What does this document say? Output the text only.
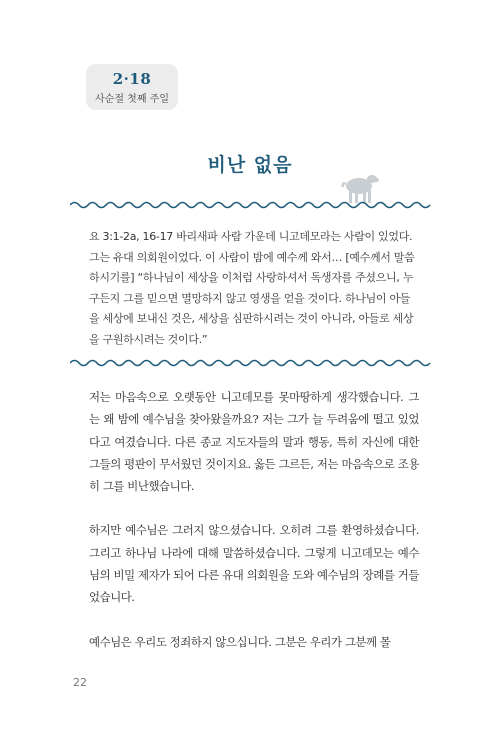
2·18
사순절 첫째 주일
비난 없음
요 3:1-2a, 16-17 바리새파 사람 가운데 니고데모라는 사람이 있었다. 그는 유대 의회원이었다. 이 사람이 밤에 예수께 와서… [예수께서 말씀하시기를] “하나님이 세상을 이처럼 사랑하셔서 독생자를 주셨으니, 누구든지 그를 믿으면 멸망하지 않고 영생을 얻을 것이다. 하나님이 아들을 세상에 보내신 것은, 세상을 심판하시려는 것이 아니라, 아들로 세상을 구원하시려는 것이다.”

저는 마음속으로 오랫동안 니고데모를 못마땅하게 생각했습니다. 그는 왜 밤에 예수님을 찾아왔을까요? 저는 그가 늘 두려움에 떨고 있었다고 여겼습니다. 다른 종교 지도자들의 말과 행동, 특히 자신에 대한 그들의 평판이 무서웠던 것이지요. 옳든 그르든, 저는 마음속으로 조용히 그를 비난했습니다.

하지만 예수님은 그러지 않으셨습니다. 오히려 그를 환영하셨습니다. 그리고 하나님 나라에 대해 말씀하셨습니다. 그렇게 니고데모는 예수님의 비밀 제자가 되어 다른 유대 의회원을 도와 예수님의 장례를 거들었습니다.

예수님은 우리도 정죄하지 않으십니다. 그분은 우리가 그분께 몰

22
